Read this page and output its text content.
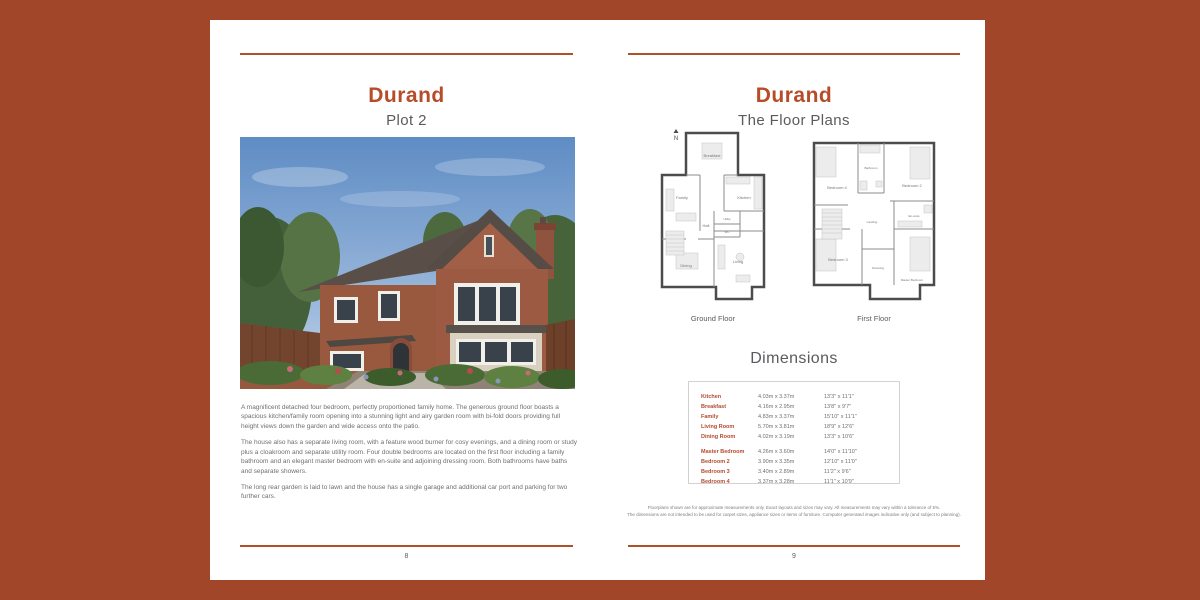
Durand
Plot 2

A magnificent detached four bedroom, perfectly proportioned family home. The generous ground floor boasts a spacious kitchen/family room opening into a stunning light and airy garden room with bi-fold doors providing full height views down the garden and wide access onto the patio.

The house also has a separate living room, with a feature wood burner for cosy evenings, and a dining room or study plus a cloakroom and separate utility room. Four double bedrooms are located on the first floor including a family bathroom and an elegant master bedroom with en-suite and adjoining dressing room. Both bathrooms have baths and separate showers.

The long rear garden is laid to lawn and the house has a single garage and additional car port and parking for two further cars.

8
Durand
The Floor Plans
N
Breakfast
Family	Kitchen
Hall
Dining
Living
Utility
WC
Bedroom 4	Bedroom 2
Bedroom 3
Bathroom
En-suite
Landing
Dressing
Master Bedroom
Ground Floor	First Floor
Dimensions
Kitchen	4.03m x 3.37m	13'3" x 11'1"
Breakfast	4.16m x 2.95m	13'8" x 9'7"
Family	4.83m x 3.37m	15'10" x 11'1"
Living Room	5.70m x 3.81m	18'9" x 12'6"
Dining Room	4.02m x 3.19m	13'3" x 10'6"
Master Bedroom 4.26m x 3.60m	14'0" x 11'10"
Bedroom 2	3.90m x 3.35m	12'10" x 11'0"
Bedroom 3	3.40m x 2.89m	11'2" x 9'6"
Bedroom 4	3.37m x 3.28m	11'1" x 10'9"
Floorplans shown are for approximate measurements only. Exact layouts and sizes may vary. All measurements may vary within a tolerance of 5%.
The dimensions are not intended to be used for carpet sizes, appliance sizes or items of furniture. Computer generated images indicative only (and subject to planning).
9
